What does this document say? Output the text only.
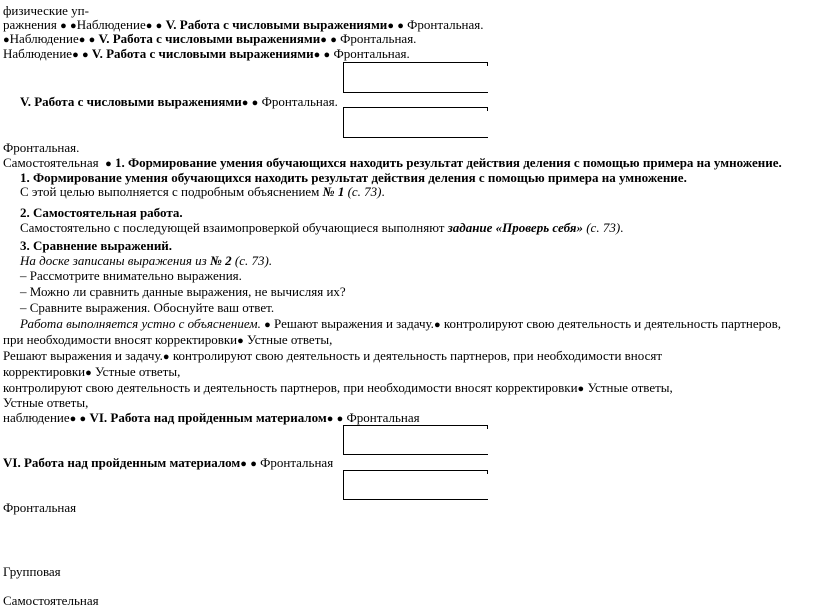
физические уп-
ражнения ● ●Наблюдение● ● V. Работа с числовыми выражениями● ● Фронтальная.
●Наблюдение● ● V. Работа с числовыми выражениями● ● Фронтальная.
Наблюдение● ● V. Работа с числовыми выражениями● ● Фронтальная.
V. Работа с числовыми выражениями● ● Фронтальная.
Фронтальная.
Самостоятельная ● 1. Формирование умения обучающихся находить результат действия деления с помощью примера на умножение.
1. Формирование умения обучающихся находить результат действия деления с помощью примера на умножение.
С этой целью выполняется с подробным объяснением № 1 (с. 73).
2. Самостоятельная работа.
Самостоятельно с последующей взаимопроверкой обучающиеся выполняют задание «Проверь себя» (с. 73).
3. Сравнение выражений.
На доске записаны выражения из № 2 (с. 73).
– Рассмотрите внимательно выражения.
– Можно ли сравнить данные выражения, не вычисляя их?
– Сравните выражения. Обоснуйте ваш ответ.
Работа выполняется устно с объяснением. ● Решают выражения и задачу.● контролируют свою деятельность и деятельность партнеров,
при необходимости вносят корректировки● Устные ответы,
Решают выражения и задачу.● контролируют свою деятельность и деятельность партнеров, при необходимости вносят
корректировки● Устные ответы,
контролируют свою деятельность и деятельность партнеров, при необходимости вносят корректировки● Устные ответы,
Устные ответы,
наблюдение● ● VI. Работа над пройденным материалом● ● Фронтальная
VI. Работа над пройденным материалом● ● Фронтальная
Фронтальная
Групповая
Самостоятельная
